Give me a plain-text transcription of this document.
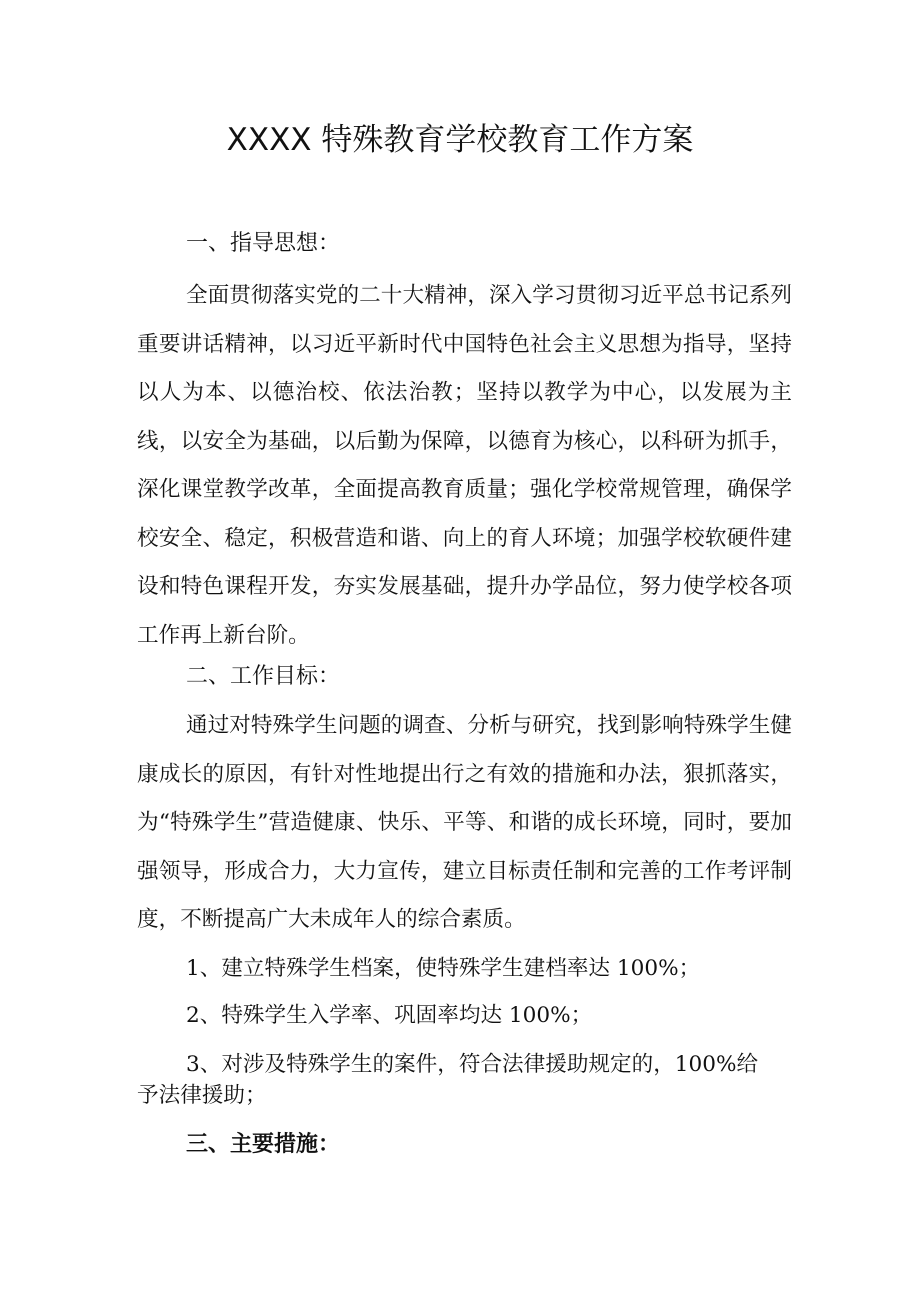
XXXX 特殊教育学校教育工作方案
一、指导思想：
全面贯彻落实党的二十大精神，深入学习贯彻习近平总书记系列重要讲话精神，以习近平新时代中国特色社会主义思想为指导，坚持以人为本、以德治校、依法治教；坚持以教学为中心，以发展为主线，以安全为基础，以后勤为保障，以德育为核心，以科研为抓手，深化课堂教学改革，全面提高教育质量；强化学校常规管理，确保学校安全、稳定，积极营造和谐、向上的育人环境；加强学校软硬件建设和特色课程开发，夯实发展基础，提升办学品位，努力使学校各项工作再上新台阶。
二、工作目标：
通过对特殊学生问题的调查、分析与研究，找到影响特殊学生健康成长的原因，有针对性地提出行之有效的措施和办法，狠抓落实，为“特殊学生”营造健康、快乐、平等、和谐的成长环境，同时，要加强领导，形成合力，大力宣传，建立目标责任制和完善的工作考评制度，不断提高广大未成年人的综合素质。
1、建立特殊学生档案，使特殊学生建档率达 100%；
2、特殊学生入学率、巩固率均达 100%；
3、对涉及特殊学生的案件，符合法律援助规定的，100%给予法律援助；
三、主要措施：
